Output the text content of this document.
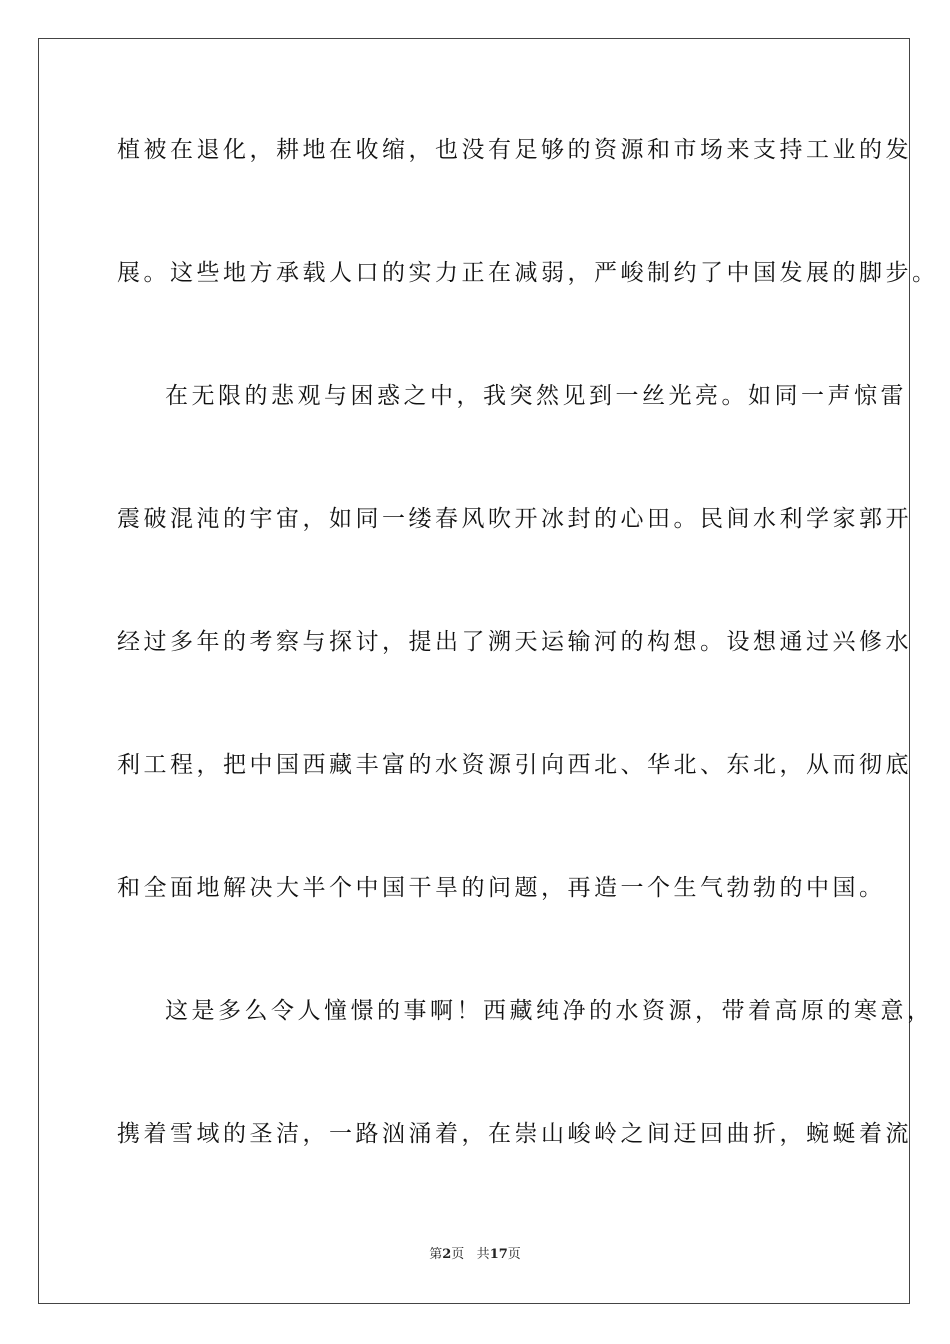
植被在退化，耕地在收缩，也没有足够的资源和市场来支持工业的发
展。这些地方承载人口的实力正在减弱，严峻制约了中国发展的脚步。
在无限的悲观与困惑之中，我突然见到一丝光亮。如同一声惊雷
震破混沌的宇宙，如同一缕春风吹开冰封的心田。民间水利学家郭开
经过多年的考察与探讨，提出了溯天运输河的构想。设想通过兴修水
利工程，把中国西藏丰富的水资源引向西北、华北、东北，从而彻底
和全面地解决大半个中国干旱的问题，再造一个生气勃勃的中国。
这是多么令人憧憬的事啊！西藏纯净的水资源，带着高原的寒意，
携着雪域的圣洁，一路汹涌着，在崇山峻岭之间迂回曲折，蜿蜒着流
第2页 共17页
